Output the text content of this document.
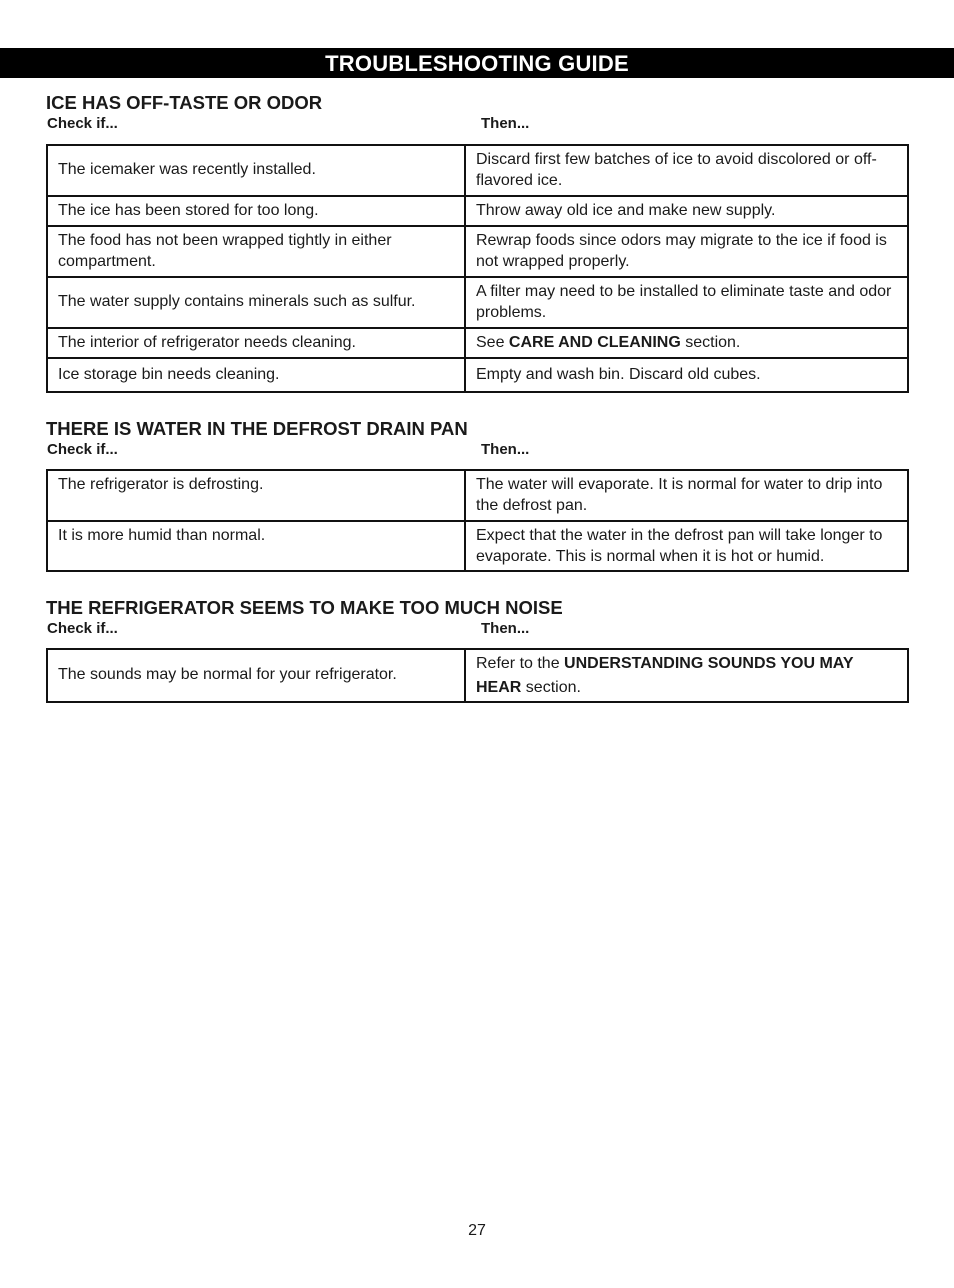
TROUBLESHOOTING GUIDE
ICE HAS OFF-TASTE OR ODOR
Check if...	Then...
The icemaker was recently installed.	Discard first few batches of ice to avoid discolored or off-flavored ice.
The ice has been stored for too long.	Throw away old ice and make new supply.
The food has not been wrapped tightly in either compartment.	Rewrap foods since odors may migrate to the ice if food is not wrapped properly.
The water supply contains minerals such as sulfur.	A filter may need to be installed to eliminate taste and odor problems.
The interior of refrigerator needs cleaning.	See CARE AND CLEANING section.
Ice storage bin needs cleaning.	Empty and wash bin. Discard old cubes.
THERE IS WATER IN THE DEFROST DRAIN PAN
Check if...	Then...
The refrigerator is defrosting.	The water will evaporate. It is normal for water to drip into the defrost pan.
It is more humid than normal.	Expect that the water in the defrost pan will take longer to evaporate. This is normal when it is hot or humid.
THE REFRIGERATOR SEEMS TO MAKE TOO MUCH NOISE
Check if...	Then...
The sounds may be normal for your refrigerator.	Refer to the UNDERSTANDING SOUNDS YOU MAY HEAR section.
27
